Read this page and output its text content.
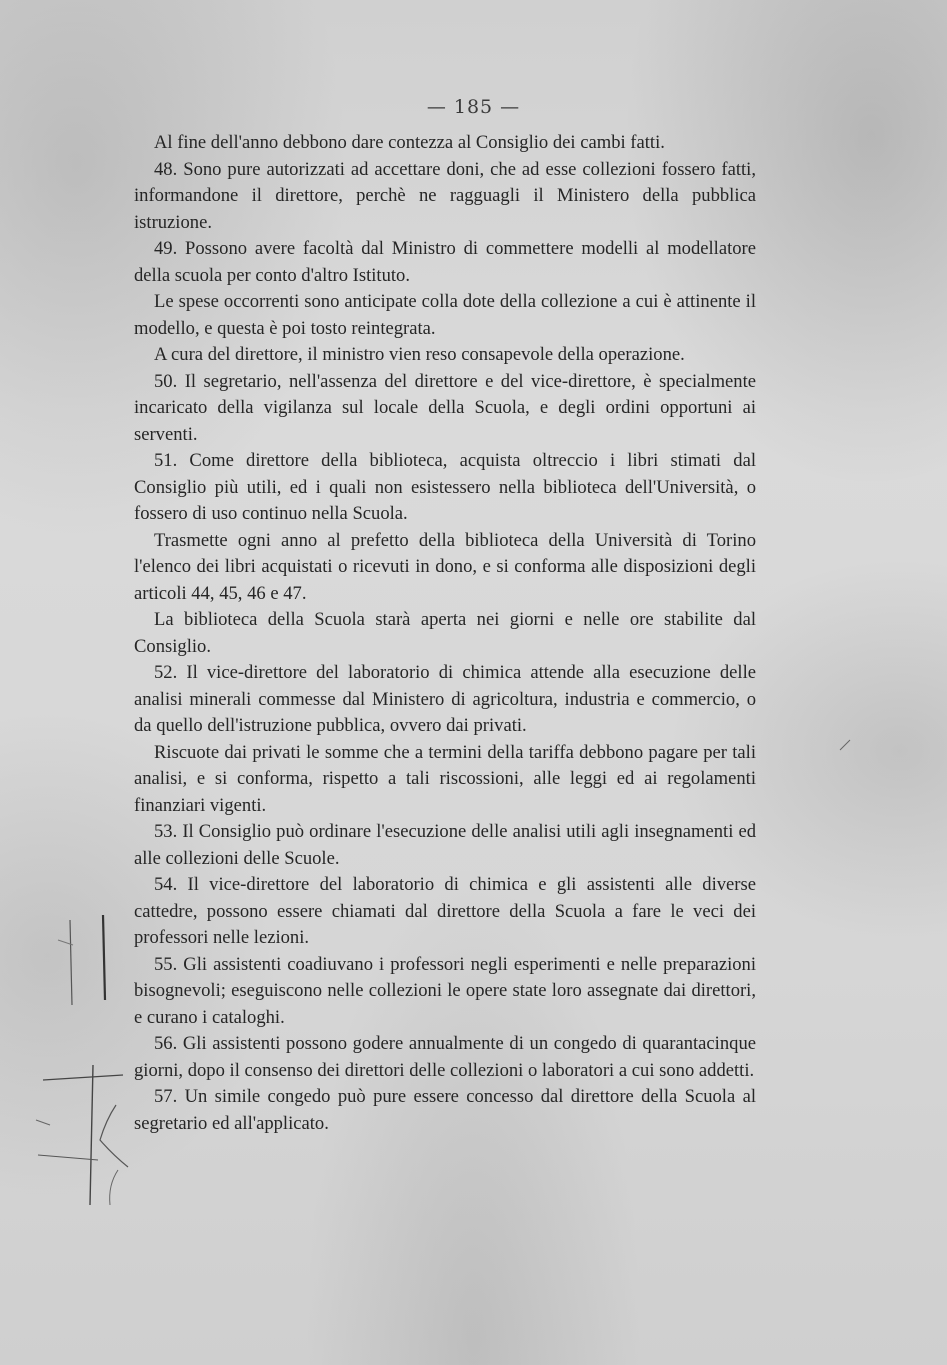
— 185 —

Al fine dell'anno debbono dare contezza al Consiglio dei cambi fatti.

48. Sono pure autorizzati ad accettare doni, che ad esse collezioni fossero fatti, informandone il direttore, perchè ne ragguagli il Ministero della pubblica istruzione.

49. Possono avere facoltà dal Ministro di commettere modelli al modellatore della scuola per conto d'altro Istituto.

Le spese occorrenti sono anticipate colla dote della collezione a cui è attinente il modello, e questa è poi tosto reintegrata.

A cura del direttore, il ministro vien reso consapevole della operazione.

50. Il segretario, nell'assenza del direttore e del vice-direttore, è specialmente incaricato della vigilanza sul locale della Scuola, e degli ordini opportuni ai serventi.

51. Come direttore della biblioteca, acquista oltreccio i libri stimati dal Consiglio più utili, ed i quali non esistessero nella biblioteca dell'Università, o fossero di uso continuo nella Scuola.

Trasmette ogni anno al prefetto della biblioteca della Università di Torino l'elenco dei libri acquistati o ricevuti in dono, e si conforma alle disposizioni degli articoli 44, 45, 46 e 47.

La biblioteca della Scuola starà aperta nei giorni e nelle ore stabilite dal Consiglio.

52. Il vice-direttore del laboratorio di chimica attende alla esecuzione delle analisi minerali commesse dal Ministero di agricoltura, industria e commercio, o da quello dell'istruzione pubblica, ovvero dai privati.

Riscuote dai privati le somme che a termini della tariffa debbono pagare per tali analisi, e si conforma, rispetto a tali riscossioni, alle leggi ed ai regolamenti finanziari vigenti.

53. Il Consiglio può ordinare l'esecuzione delle analisi utili agli insegnamenti ed alle collezioni delle Scuole.

54. Il vice-direttore del laboratorio di chimica e gli assistenti alle diverse cattedre, possono essere chiamati dal direttore della Scuola a fare le veci dei professori nelle lezioni.

55. Gli assistenti coadiuvano i professori negli esperimenti e nelle preparazioni bisognevoli; eseguiscono nelle collezioni le opere state loro assegnate dai direttori, e curano i cataloghi.

56. Gli assistenti possono godere annualmente di un congedo di quarantacinque giorni, dopo il consenso dei direttori delle collezioni o laboratori a cui sono addetti.

57. Un simile congedo può pure essere concesso dal direttore della Scuola al segretario ed all'applicato.
